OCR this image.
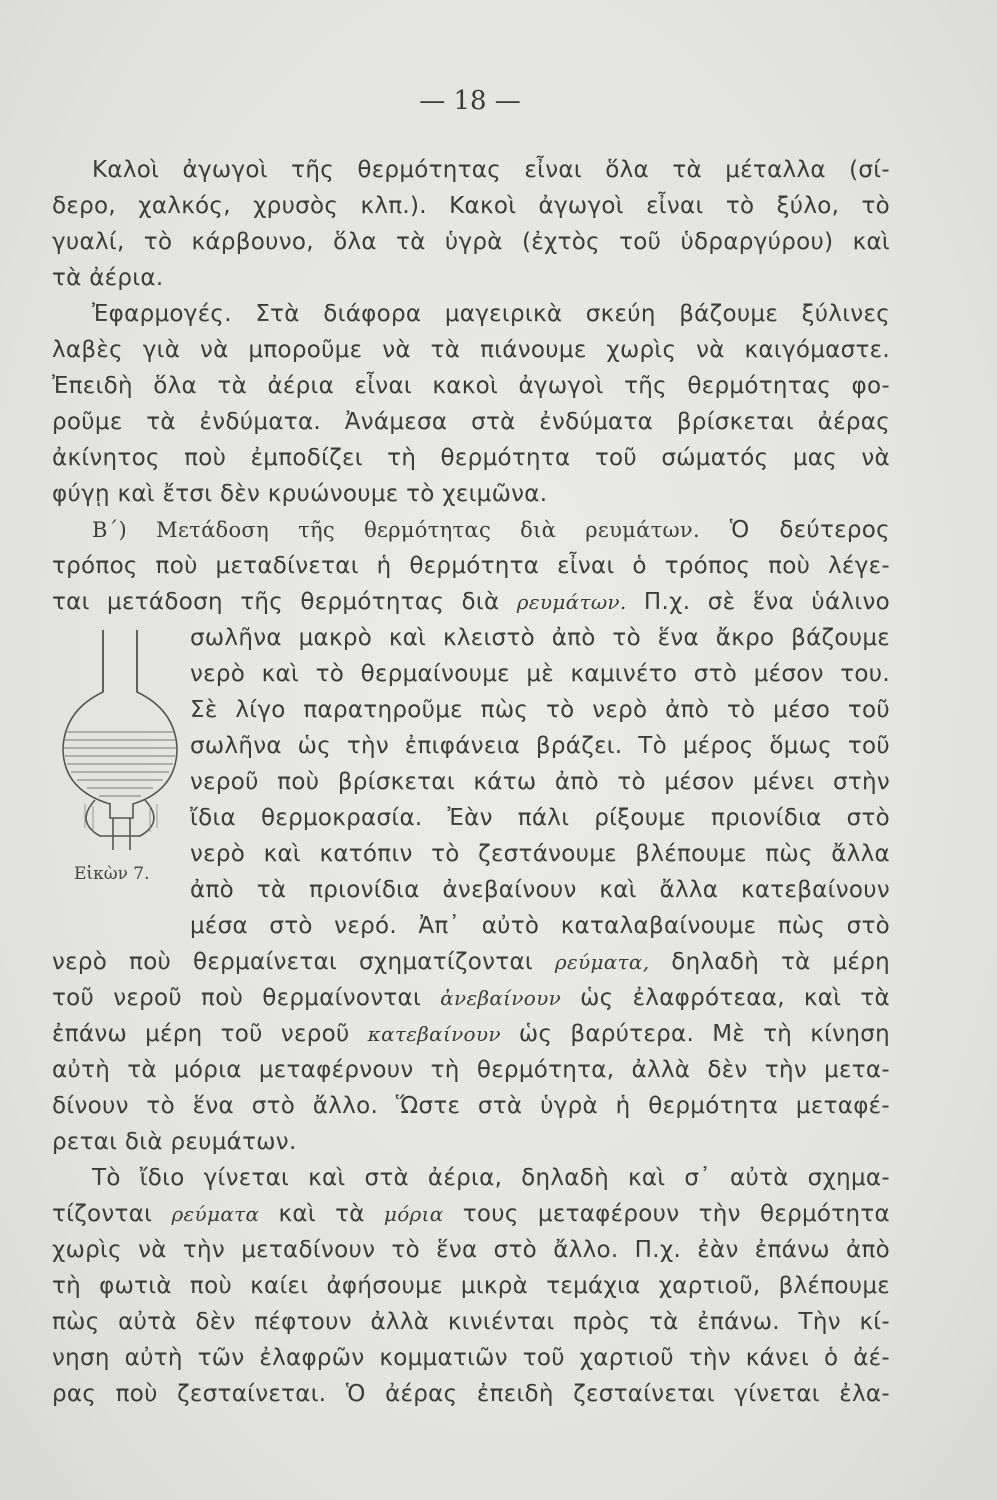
— 18 —
Καλοὶ ἀγωγοὶ τῆς θερμότητας εἶναι ὅλα τὰ μέταλλα (σί-
δερο, χαλκός, χρυσὸς κλπ.). Κακοὶ ἀγωγοὶ εἶναι τὸ ξύλο, τὸ
γυαλί, τὸ κάρβουνο, ὅλα τὰ ὑγρὰ (ἐχτὸς τοῦ ὑδραργύρου) καὶ
τὰ ἀέρια.
Ἐφαρμογές. Στὰ διάφορα μαγειρικὰ σκεύη βάζουμε ξύλινες
λαβὲς γιὰ νὰ μποροῦμε νὰ τὰ πιάνουμε χωρὶς νὰ καιγόμαστε.
Ἐπειδὴ ὅλα τὰ ἀέρια εἶναι κακοὶ ἀγωγοὶ τῆς θερμότητας φο-
ροῦμε τὰ ἐνδύματα. Ἀνάμεσα στὰ ἐνδύματα βρίσκεται ἀέρας
ἀκίνητος ποὺ ἐμποδίζει τὴ θερμότητα τοῦ σώματός μας νὰ
φύγῃ καὶ ἔτσι δὲν κρυώνουμε τὸ χειμῶνα.
Β΄) Μετάδοση τῆς θερμότητας διὰ ρευμάτων. Ὁ δεύτερος
τρόπος ποὺ μεταδίνεται ἡ θερμότητα εἶναι ὁ τρόπος ποὺ λέγε-
ται μετάδοση τῆς θερμότητας διὰ ρευμάτων. Π.χ. σὲ ἕνα ὑάλινο
Εἰκὼν 7.
σωλῆνα μακρὸ καὶ κλειστὸ ἀπὸ τὸ ἕνα ἄκρο βάζουμε
νερὸ καὶ τὸ θερμαίνουμε μὲ καμινέτο στὸ μέσον του.
Σὲ λίγο παρατηροῦμε πὼς τὸ νερὸ ἀπὸ τὸ μέσο τοῦ
σωλῆνα ὡς τὴν ἐπιφάνεια βράζει. Τὸ μέρος ὅμως τοῦ
νεροῦ ποὺ βρίσκεται κάτω ἀπὸ τὸ μέσον μένει στὴν
ἴδια θερμοκρασία. Ἐὰν πάλι ρίξουμε πριονίδια στὸ
νερὸ καὶ κατόπιν τὸ ζεστάνουμε βλέπουμε πὼς ἄλλα
ἀπὸ τὰ πριονίδια ἀνεβαίνουν καὶ ἄλλα κατεβαίνουν
μέσα στὸ νερό. Ἀπ᾿ αὐτὸ καταλαβαίνουμε πὼς στὸ
νερὸ ποὺ θερμαίνεται σχηματίζονται ρεύματα, δηλαδὴ τὰ μέρη
τοῦ νεροῦ ποὺ θερμαίνονται ἀνεβαίνουν ὡς ἐλαφρότεαα, καὶ τὰ
ἐπάνω μέρη τοῦ νεροῦ κατεβαίνουν ὡς βαρύτερα. Μὲ τὴ κίνηση
αὐτὴ τὰ μόρια μεταφέρνουν τὴ θερμότητα, ἀλλὰ δὲν τὴν μετα-
δίνουν τὸ ἕνα στὸ ἄλλο. Ὥστε στὰ ὑγρὰ ἡ θερμότητα μεταφέ-
ρεται διὰ ρευμάτων.
Τὸ ἴδιο γίνεται καὶ στὰ ἀέρια, δηλαδὴ καὶ σ᾿ αὐτὰ σχημα-
τίζονται ρεύματα καὶ τὰ μόρια τους μεταφέρουν τὴν θερμότητα
χωρὶς νὰ τὴν μεταδίνουν τὸ ἕνα στὸ ἄλλο. Π.χ. ἐὰν ἐπάνω ἀπὸ
τὴ φωτιὰ ποὺ καίει ἀφήσουμε μικρὰ τεμάχια χαρτιοῦ, βλέπουμε
πὼς αὐτὰ δὲν πέφτουν ἀλλὰ κινιένται πρὸς τὰ ἐπάνω. Τὴν κί-
νηση αὐτὴ τῶν ἐλαφρῶν κομματιῶν τοῦ χαρτιοῦ τὴν κάνει ὁ ἀέ-
ρας ποὺ ζεσταίνεται. Ὁ ἀέρας ἐπειδὴ ζεσταίνεται γίνεται ἐλα-
